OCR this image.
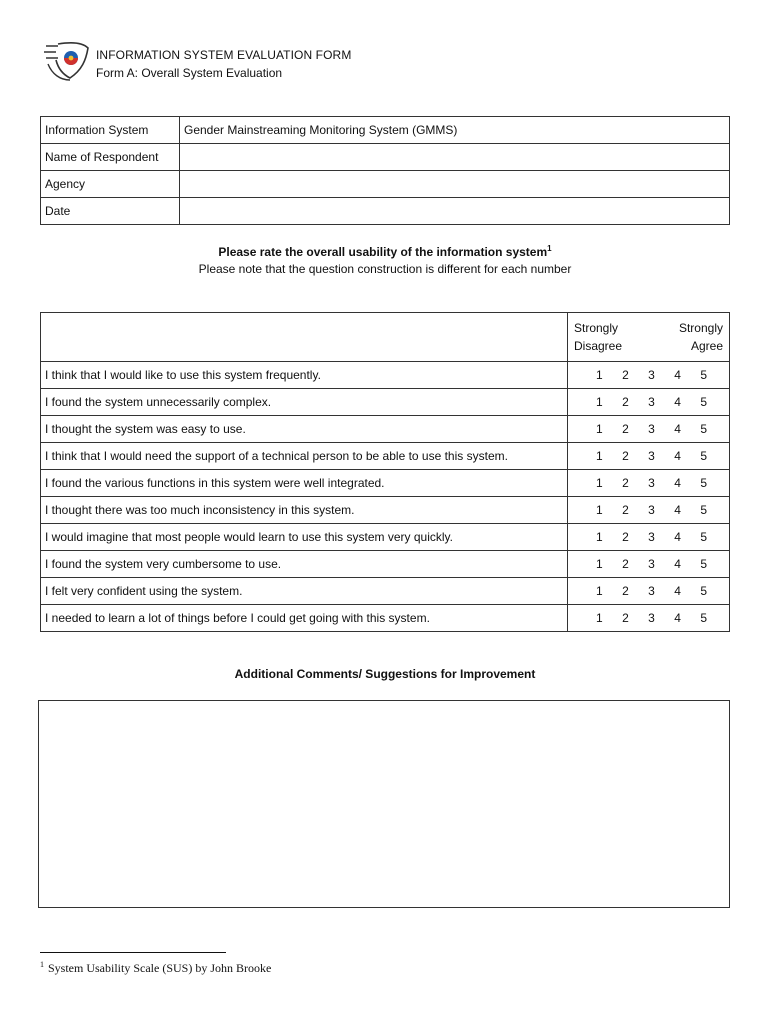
INFORMATION SYSTEM EVALUATION FORM
Form A: Overall System Evaluation
Information System	Gender Mainstreaming Monitoring System (GMMS)
Name of Respondent	
Agency	
Date	
Please rate the overall usability of the information system$^1$
Please note that the question construction is different for each number

	Strongly
Disagree
Strongly
Agree

I think that I would like to use this system frequently.	1 2 3 4 5

I found the system unnecessarily complex.	1 2 3 4 5

I thought the system was easy to use.	1 2 3 4 5

I think that I would need the support of a technical person to be able to use this system.	1 2 3 4 5

I found the various functions in this system were well integrated.	1 2 3 4 5

I thought there was too much inconsistency in this system.	1 2 3 4 5

I would imagine that most people would learn to use this system very quickly.	1 2 3 4 5

I found the system very cumbersome to use.	1 2 3 4 5

I felt very confident using the system.	1 2 3 4 5

I needed to learn a lot of things before I could get going with this system.	1 2 3 4 5
Additional Comments/ Suggestions for Improvement
$^1$ System Usability Scale (SUS) by John Brooke
